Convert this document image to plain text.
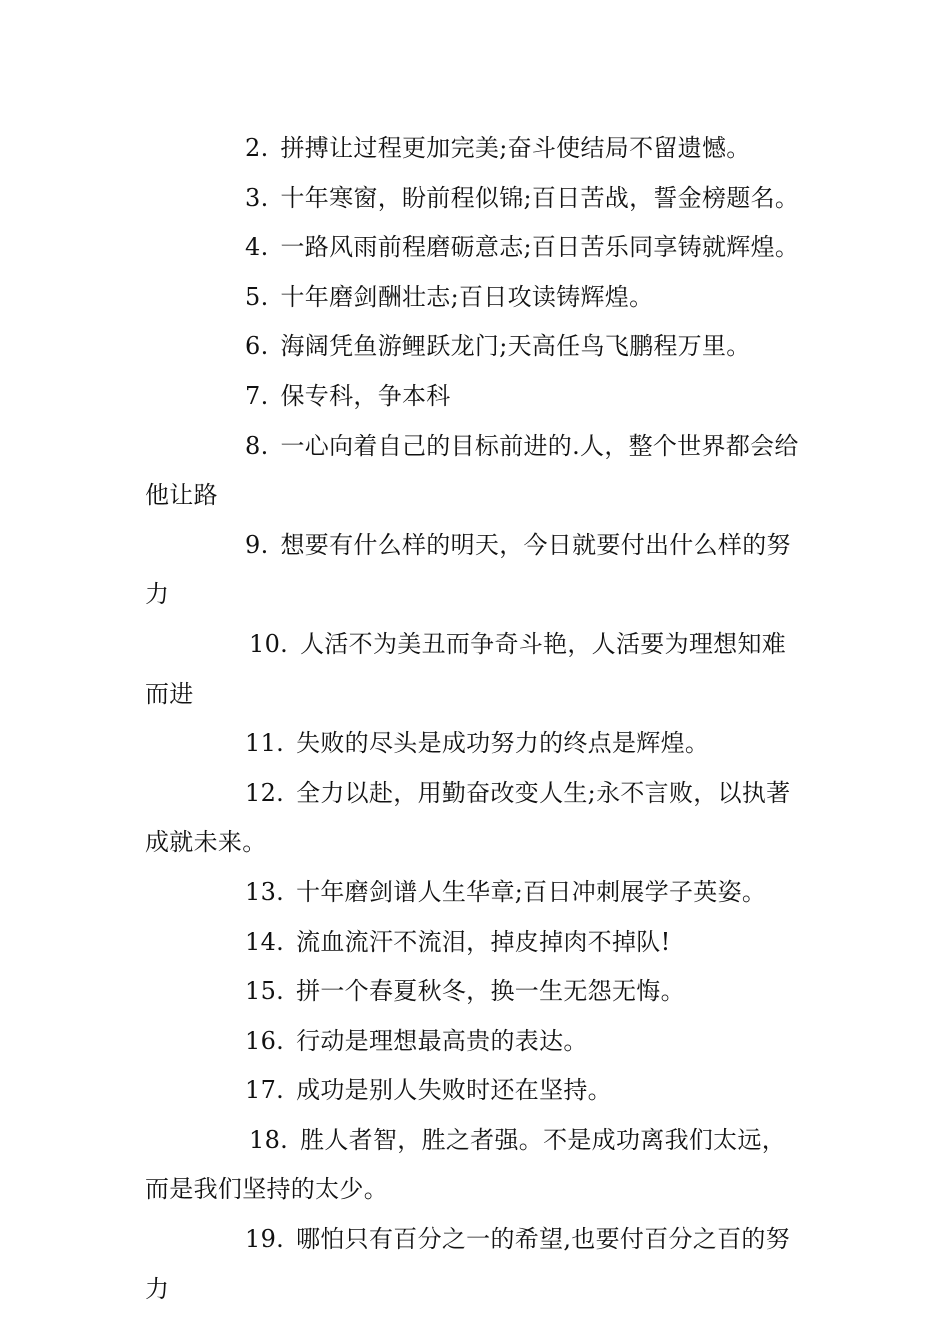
2. 拼搏让过程更加完美;奋斗使结局不留遗憾。

3. 十年寒窗，盼前程似锦;百日苦战，誓金榜题名。

4. 一路风雨前程磨砺意志;百日苦乐同享铸就辉煌。

5. 十年磨剑酬壮志;百日攻读铸辉煌。

6. 海阔凭鱼游鲤跃龙门;天高任鸟飞鹏程万里。

7. 保专科，争本科

8. 一心向着自己的目标前进的.人，整个世界都会给他让路

9. 想要有什么样的明天，今日就要付出什么样的努力

10. 人活不为美丑而争奇斗艳，人活要为理想知难而进

11. 失败的尽头是成功努力的终点是辉煌。

12. 全力以赴，用勤奋改变人生;永不言败，以执著成就未来。

13. 十年磨剑谱人生华章;百日冲刺展学子英姿。

14. 流血流汗不流泪，掉皮掉肉不掉队!

15. 拼一个春夏秋冬，换一生无怨无悔。

16. 行动是理想最高贵的表达。

17. 成功是别人失败时还在坚持。

18. 胜人者智，胜之者强。不是成功离我们太远，而是我们坚持的太少。

19. 哪怕只有百分之一的希望,也要付百分之百的努力
